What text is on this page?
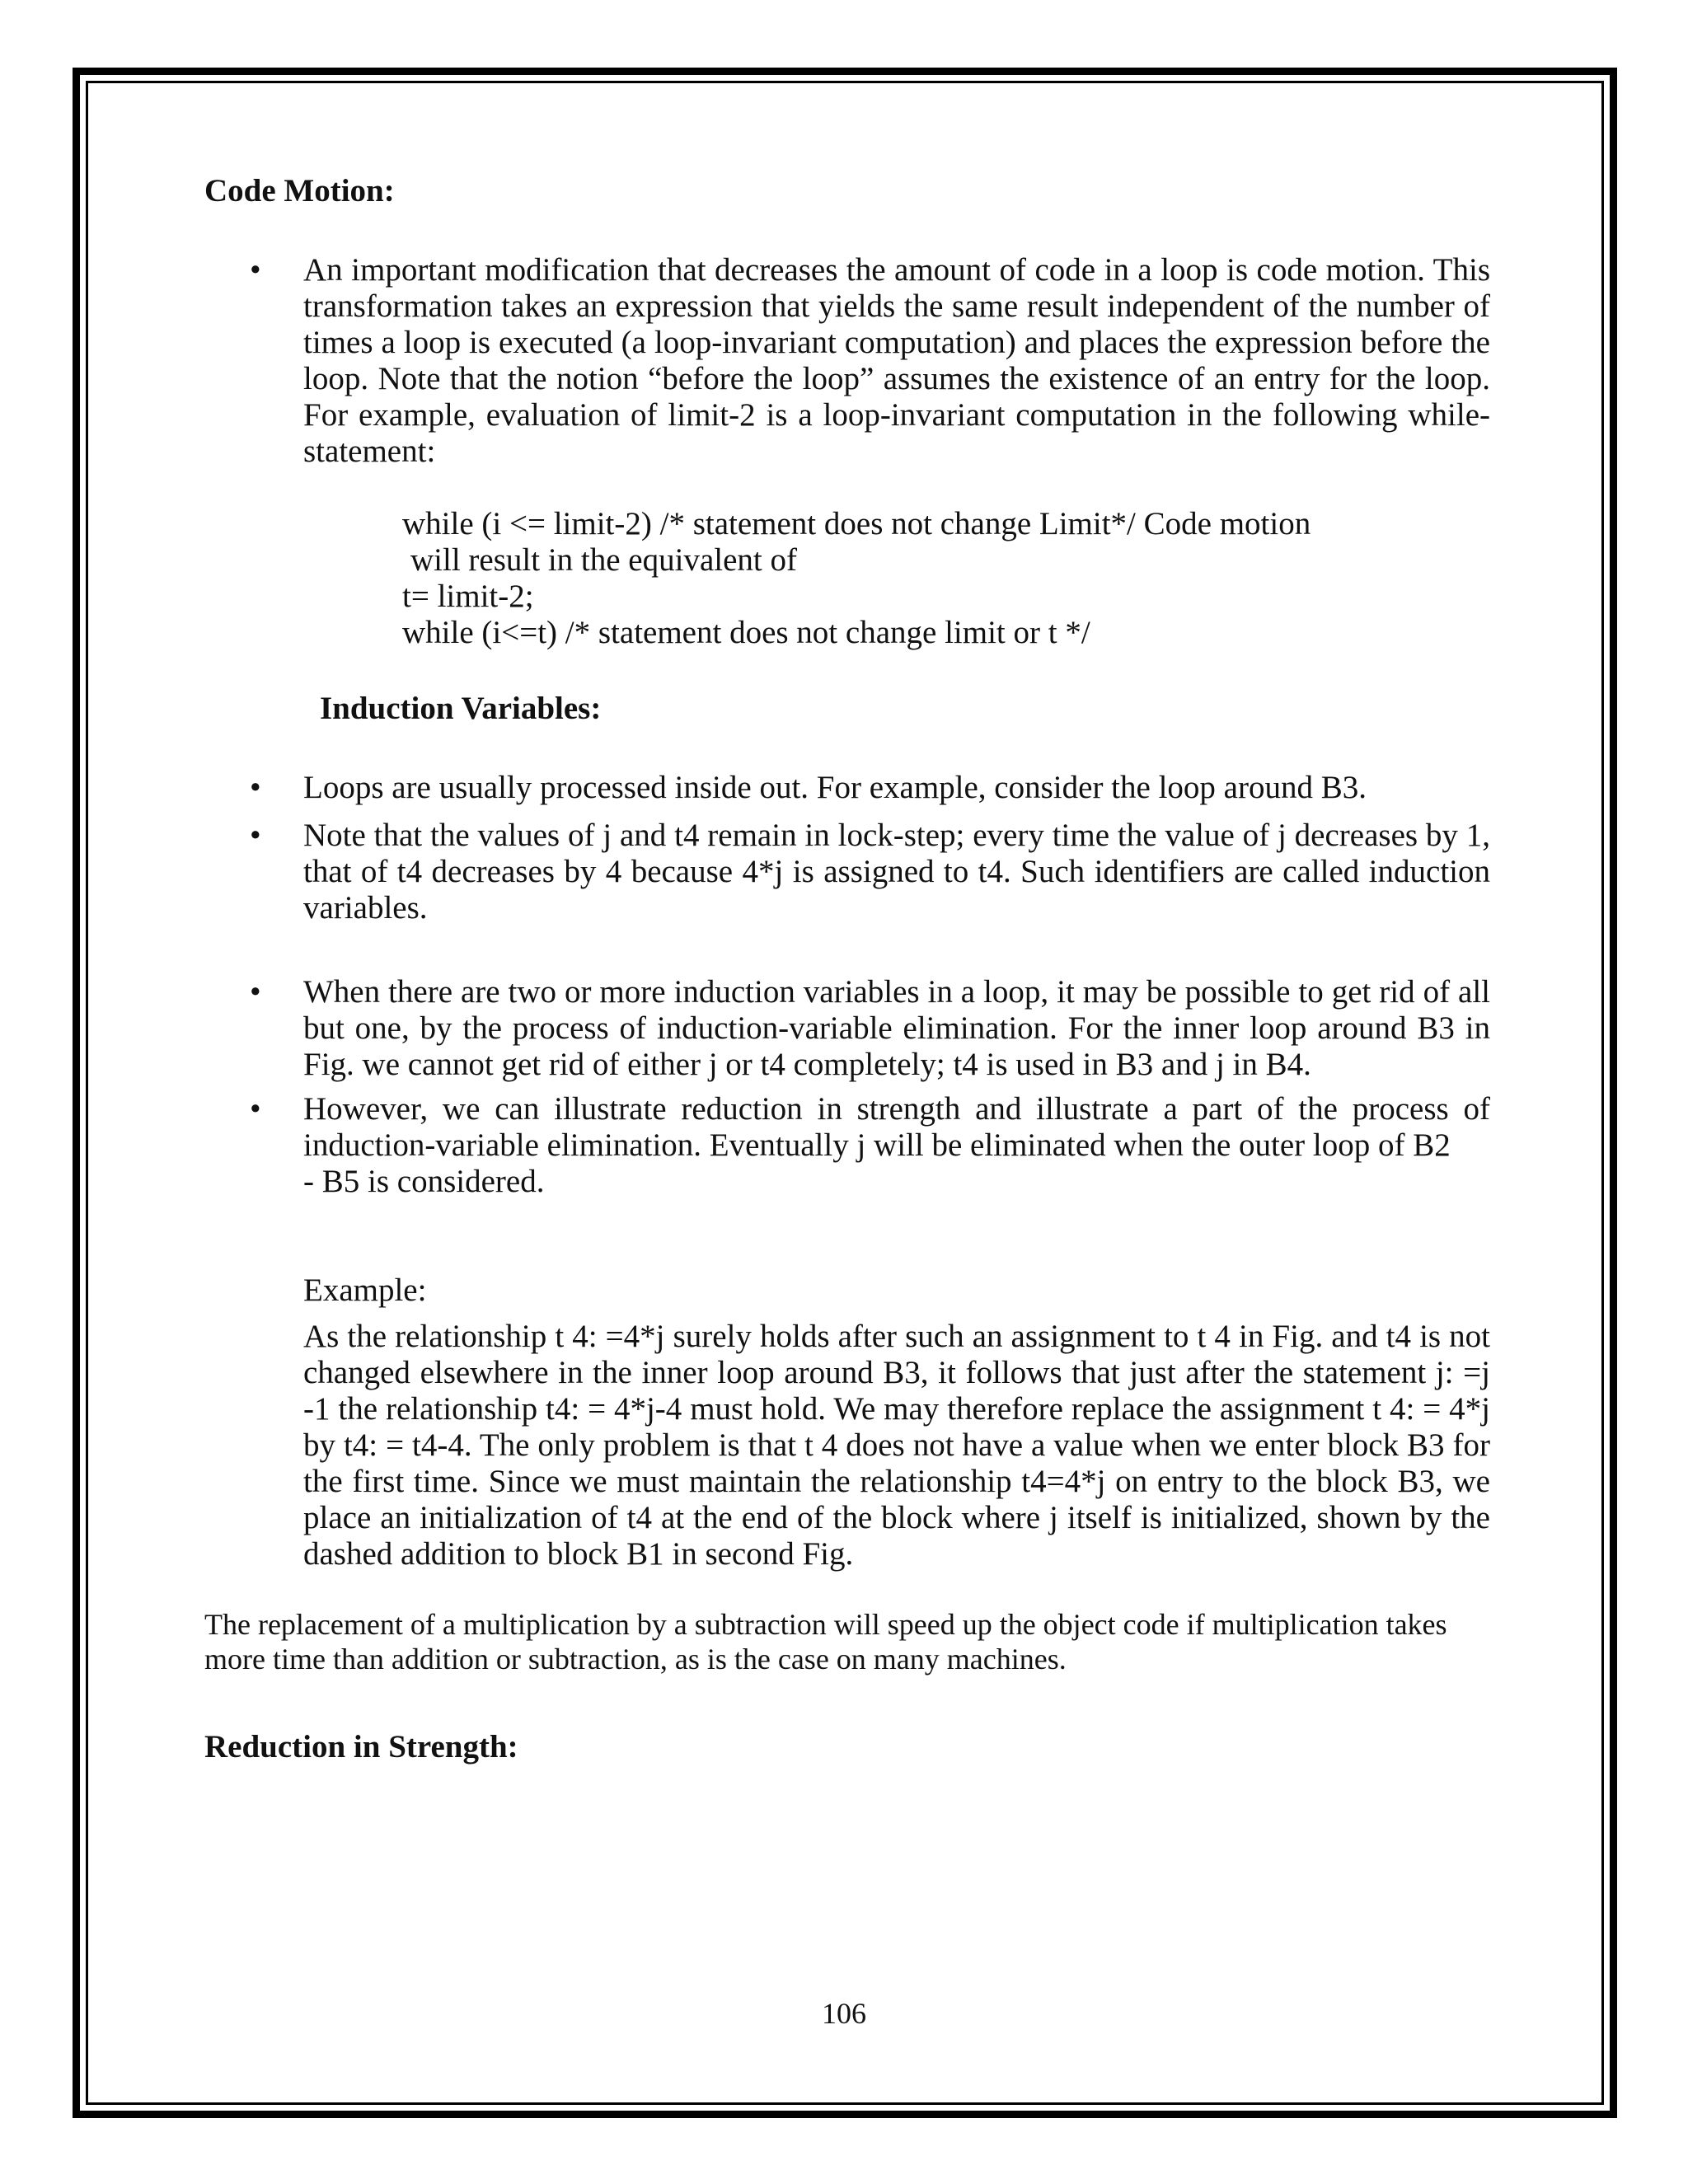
Code Motion:

• An important modification that decreases the amount of code in a loop is code motion. This transformation takes an expression that yields the same result independent of the number of times a loop is executed (a loop-invariant computation) and places the expression before the loop. Note that the notion “before the loop” assumes the existence of an entry for the loop. For example, evaluation of limit-2 is a loop-invariant computation in the following while- statement:
while (i <= limit-2) /* statement does not change Limit*/ Code motion
will result in the equivalent of
t= limit-2;
while (i<=t) /* statement does not change limit or t */

Induction Variables:

• Loops are usually processed inside out. For example, consider the loop around B3.
• Note that the values of j and t4 remain in lock-step; every time the value of j decreases by 1, that of t4 decreases by 4 because 4*j is assigned to t4. Such identifiers are called induction variables.
• When there are two or more induction variables in a loop, it may be possible to get rid of all but one, by the process of induction-variable elimination. For the inner loop around B3 in Fig. we cannot get rid of either j or t4 completely; t4 is used in B3 and j in B4.
• However, we can illustrate reduction in strength and illustrate a part of the process of induction-variable elimination. Eventually j will be eliminated when the outer loop of B2
- B5 is considered.
Example:
As the relationship t 4: =4*j surely holds after such an assignment to t 4 in Fig. and t4 is not changed elsewhere in the inner loop around B3, it follows that just after the statement j: =j -1 the relationship t4: = 4*j-4 must hold. We may therefore replace the assignment t 4: = 4*j by t4: = t4-4. The only problem is that t 4 does not have a value when we enter block B3 for the first time. Since we must maintain the relationship t4=4*j on entry to the block B3, we place an initialization of t4 at the end of the block where j itself is initialized, shown by the dashed addition to block B1 in second Fig.

The replacement of a multiplication by a subtraction will speed up the object code if multiplication takes more time than addition or subtraction, as is the case on many machines.

Reduction in Strength:

106
